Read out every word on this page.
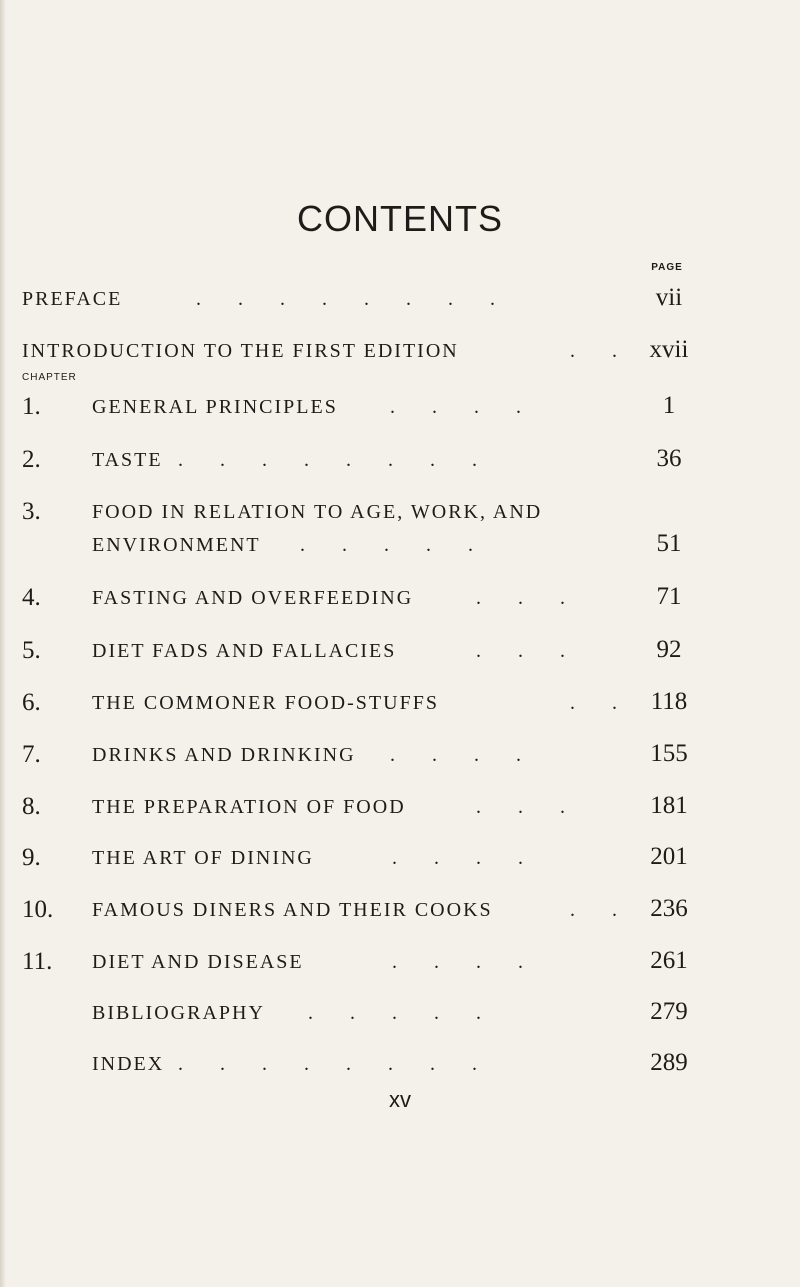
CONTENTS
PAGE
PREFACE	.     .     .     .     .     .     .     .	vii
INTRODUCTION TO THE FIRST EDITION	.     .	xvii
CHAPTER
1.	GENERAL PRINCIPLES	.     .     .     .	1
2.	TASTE .     .     .     .     .     .     .     .	36
3.	FOOD IN RELATION TO AGE, WORK, AND
ENVIRONMENT .     .     .     .     .	51
4.	FASTING AND OVERFEEDING	.     .     .	71
5.	DIET FADS AND FALLACIES	.     .     .	92
6.	THE COMMONER FOOD-STUFFS	.     .	118
7.	DRINKS AND DRINKING .     .     .     .	155
8.	THE PREPARATION OF FOOD	.     .     .	181
9.	THE ART OF DINING	.     .     .     .	201
10. FAMOUS DINERS AND THEIR COOKS	.     .	236
11. DIET AND DISEASE	.     .     .     .	261
BIBLIOGRAPHY .     .     .     .     .	279
INDEX .     .     .     .     .     .     .     .	289
xv
